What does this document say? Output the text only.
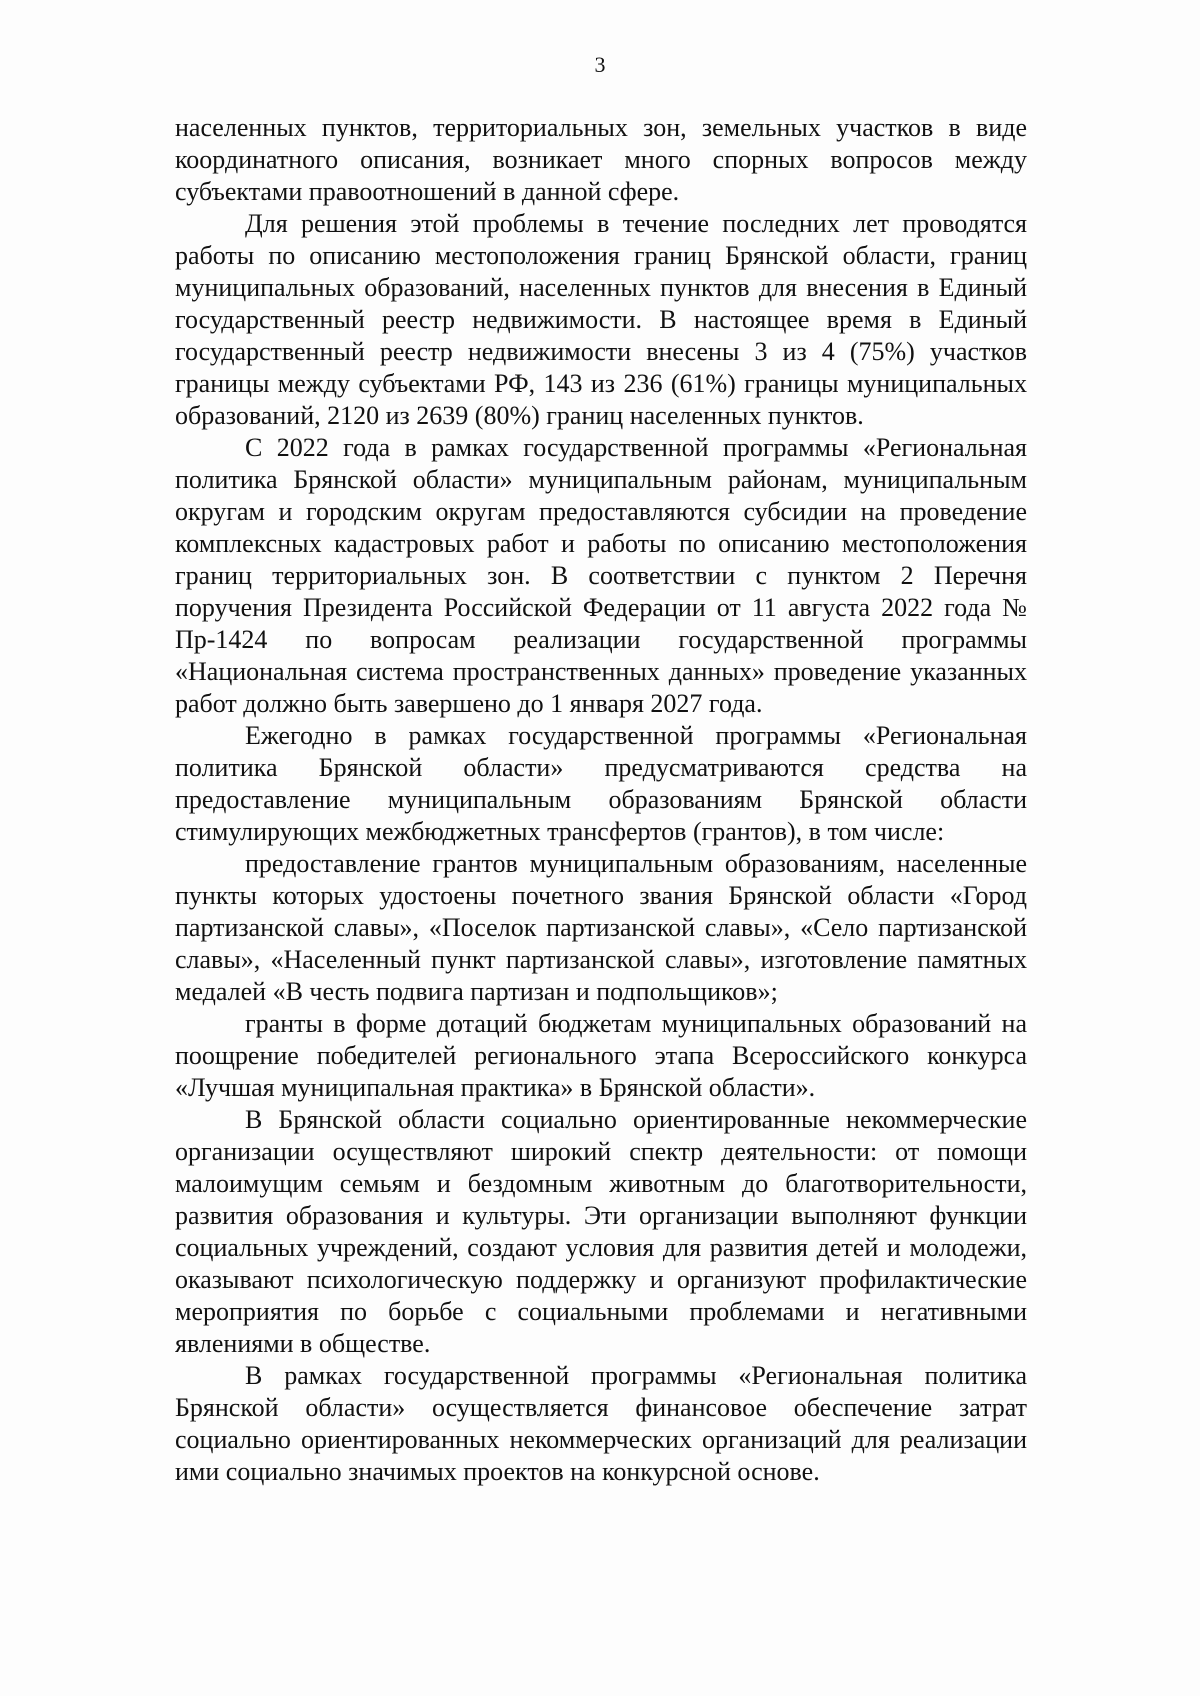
3

населенных пунктов, территориальных зон, земельных участков в виде координатного описания, возникает много спорных вопросов между субъектами правоотношений в данной сфере.

Для решения этой проблемы в течение последних лет проводятся работы по описанию местоположения границ Брянской области, границ муниципальных образований, населенных пунктов для внесения в Единый государственный реестр недвижимости. В настоящее время в Единый государственный реестр недвижимости внесены 3 из 4 (75%) участков границы между субъектами РФ, 143 из 236 (61%) границы муниципальных образований, 2120 из 2639 (80%) границ населенных пунктов.

С 2022 года в рамках государственной программы «Региональная политика Брянской области» муниципальным районам, муниципальным округам и городским округам предоставляются субсидии на проведение комплексных кадастровых работ и работы по описанию местоположения границ территориальных зон. В соответствии с пунктом 2 Перечня поручения Президента Российской Федерации от 11 августа 2022 года № Пр-1424 по вопросам реализации государственной программы «Национальная система пространственных данных» проведение указанных работ должно быть завершено до 1 января 2027 года.

Ежегодно в рамках государственной программы «Региональная политика Брянской области» предусматриваются средства на предоставление муниципальным образованиям Брянской области стимулирующих межбюджетных трансфертов (грантов), в том числе:

предоставление грантов муниципальным образованиям, населенные пункты которых удостоены почетного звания Брянской области «Город партизанской славы», «Поселок партизанской славы», «Село партизанской славы», «Населенный пункт партизанской славы», изготовление памятных медалей «В честь подвига партизан и подпольщиков»;

гранты в форме дотаций бюджетам муниципальных образований на поощрение победителей регионального этапа Всероссийского конкурса «Лучшая муниципальная практика» в Брянской области».

В Брянской области социально ориентированные некоммерческие организации осуществляют широкий спектр деятельности: от помощи малоимущим семьям и бездомным животным до благотворительности, развития образования и культуры. Эти организации выполняют функции социальных учреждений, создают условия для развития детей и молодежи, оказывают психологическую поддержку и организуют профилактические мероприятия по борьбе с социальными проблемами и негативными явлениями в обществе.

В рамках государственной программы «Региональная политика Брянской области» осуществляется финансовое обеспечение затрат социально ориентированных некоммерческих организаций для реализации ими социально значимых проектов на конкурсной основе.
